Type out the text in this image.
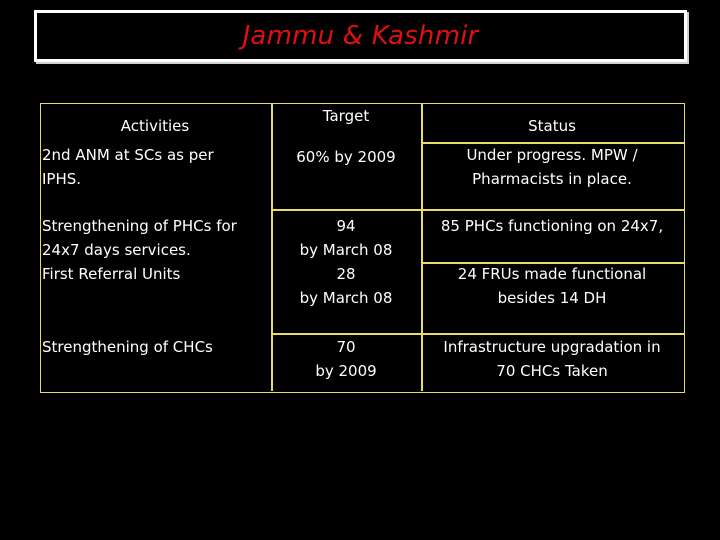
Jammu & Kashmir
Activities
Target
Status
2nd ANM at SCs as per
IPHS.
60% by 2009	Under progress. MPW /
Pharmacists in place.
Strengthening of PHCs for
24x7 days services.
First Referral Units
94
by March 08
28
by March 08
85 PHCs functioning on 24x7,
24 FRUs made functional
besides 14 DH
Strengthening of CHCs	70
by 2009
Infrastructure upgradation in
70 CHCs Taken
